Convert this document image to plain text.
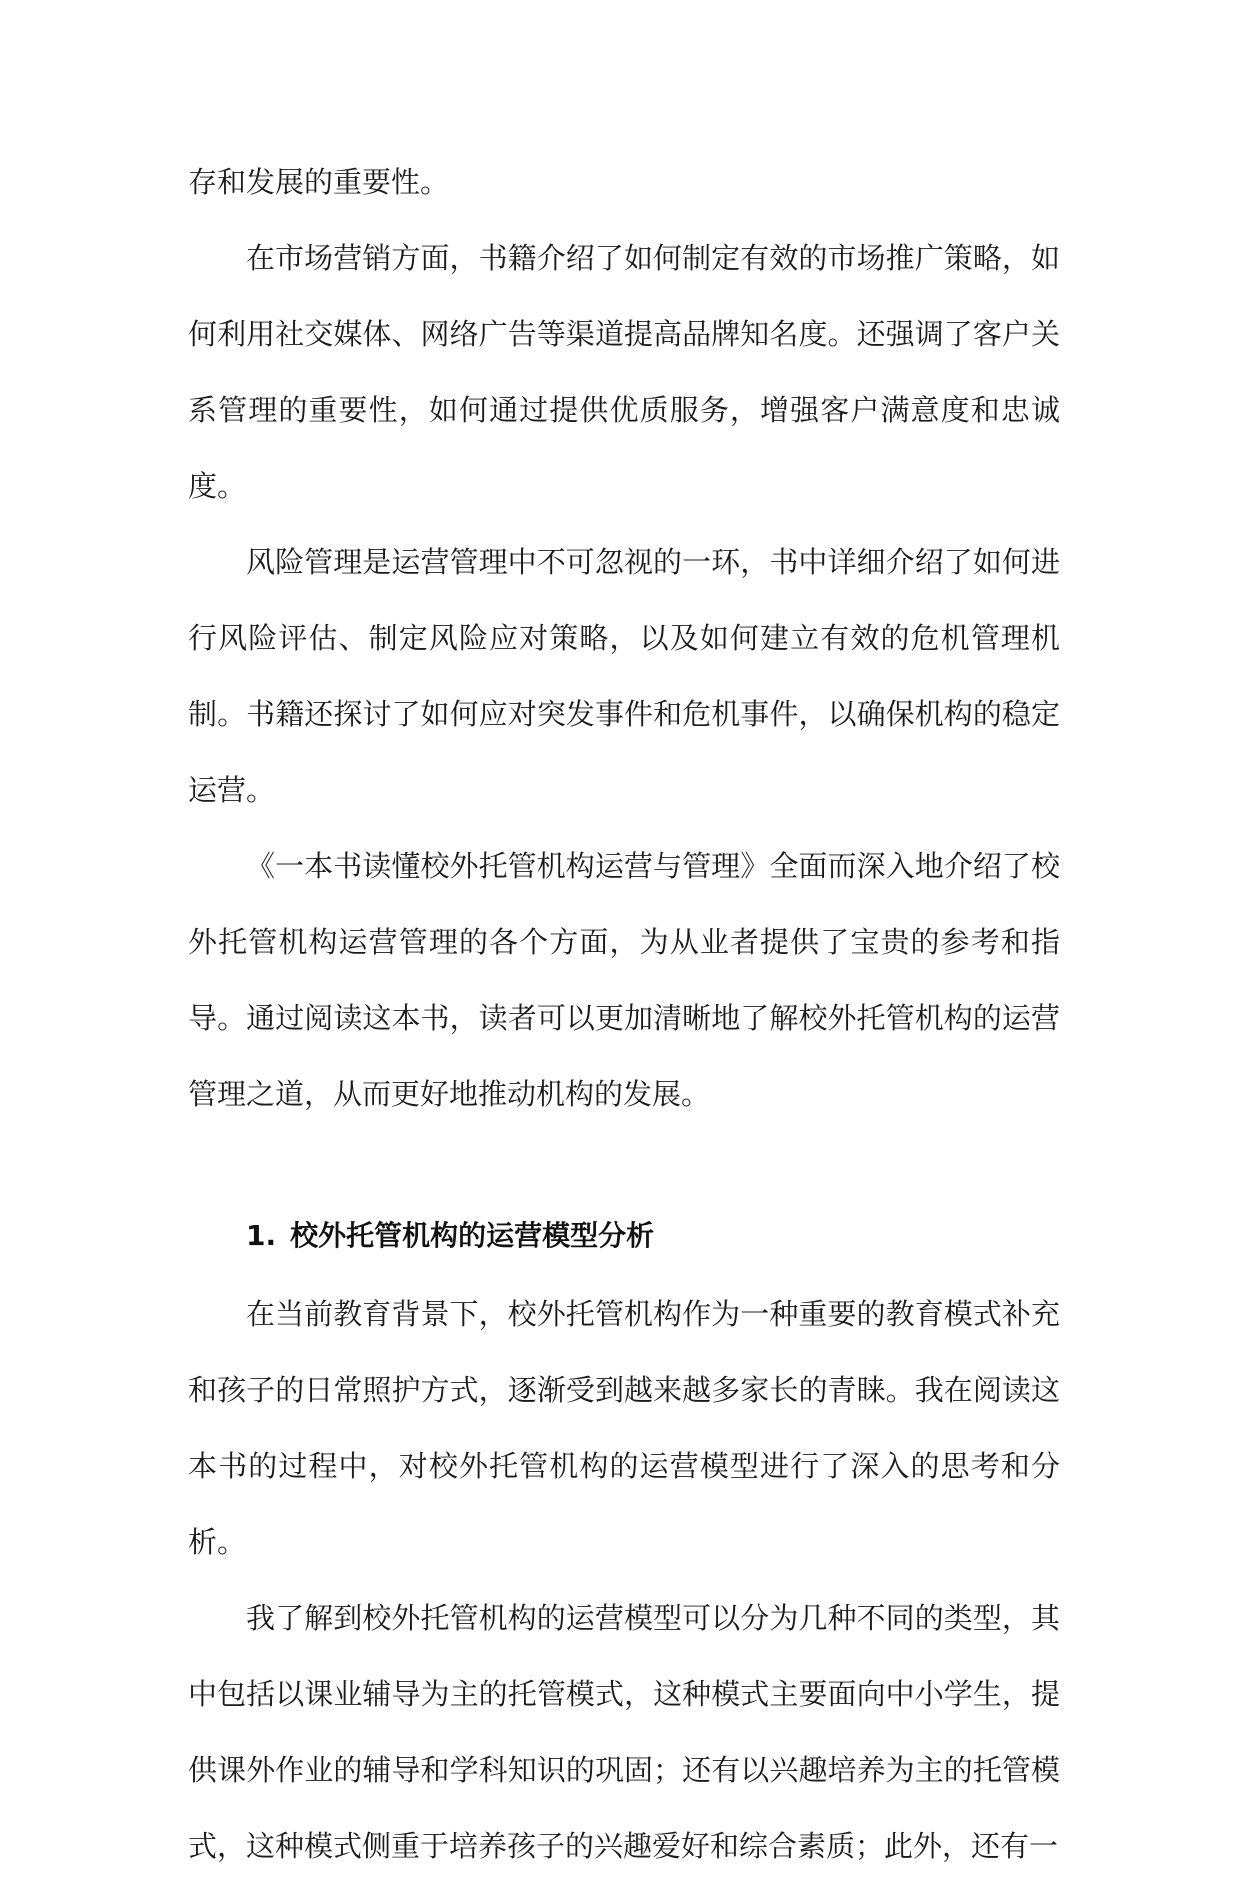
存和发展的重要性。

在市场营销方面，书籍介绍了如何制定有效的市场推广策略，如何利用社交媒体、网络广告等渠道提高品牌知名度。还强调了客户关系管理的重要性，如何通过提供优质服务，增强客户满意度和忠诚度。

风险管理是运营管理中不可忽视的一环，书中详细介绍了如何进行风险评估、制定风险应对策略，以及如何建立有效的危机管理机制。书籍还探讨了如何应对突发事件和危机事件，以确保机构的稳定运营。

《一本书读懂校外托管机构运营与管理》全面而深入地介绍了校外托管机构运营管理的各个方面，为从业者提供了宝贵的参考和指导。通过阅读这本书，读者可以更加清晰地了解校外托管机构的运营管理之道，从而更好地推动机构的发展。

1. 校外托管机构的运营模型分析

在当前教育背景下，校外托管机构作为一种重要的教育模式补充和孩子的日常照护方式，逐渐受到越来越多家长的青睐。我在阅读这本书的过程中，对校外托管机构的运营模型进行了深入的思考和分析。

我了解到校外托管机构的运营模型可以分为几种不同的类型，其中包括以课业辅导为主的托管模式，这种模式主要面向中小学生，提供课外作业的辅导和学科知识的巩固；还有以兴趣培养为主的托管模式，这种模式侧重于培养孩子的兴趣爱好和综合素质；此外，还有一
